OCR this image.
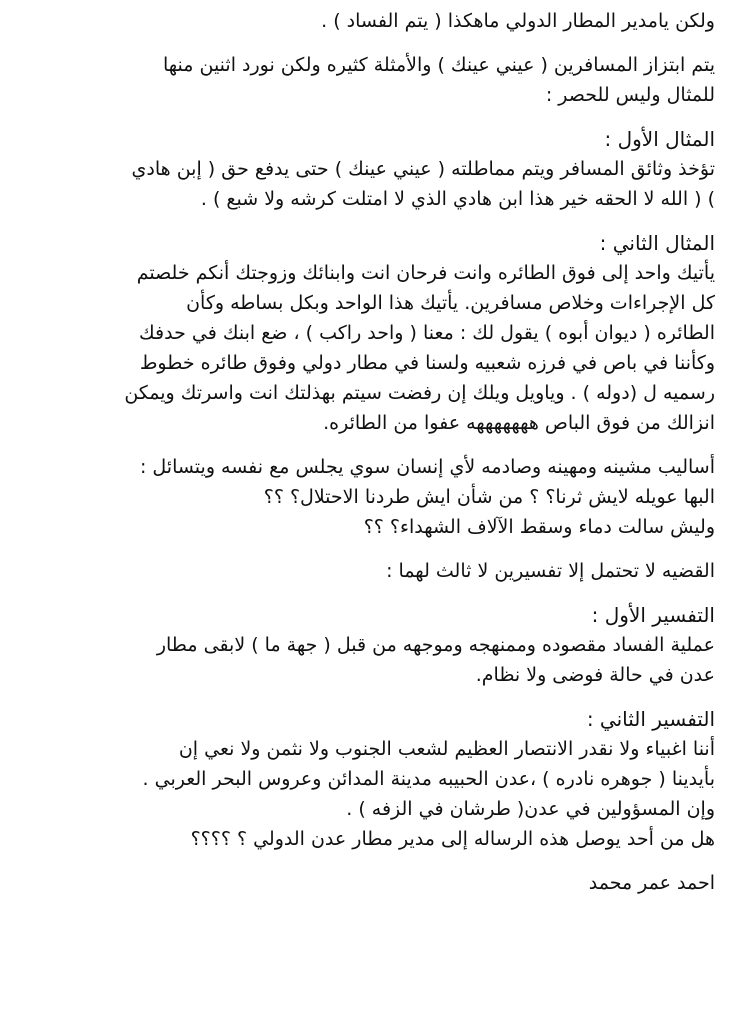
ولكن يامدير المطار الدولي ماهكذا ( يتم الفساد ) .
يتم ابتزاز المسافرين ( عيني عينك ) والأمثلة كثيره ولكن نورد اثنين منها
للمثال وليس للحصر :
المثال الأول :
تؤخذ وثائق المسافر ويتم مماطلته ( عيني عينك ) حتى يدفع حق ( إبن هادي
) ( الله لا الحقه خير هذا ابن هادي الذي لا امتلت كرشه ولا شبع ) .
المثال الثاني :
يأتيك واحد إلى فوق الطائره وانت فرحان انت وابنائك وزوجتك أنكم خلصتم
كل الإجراءات وخلاص مسافرين. يأتيك هذا الواحد وبكل بساطه وكأن
الطائره ( ديوان أبوه ) يقول لك : معنا ( واحد راكب ) ، ضع ابنك في حدفك
وكأننا في باص في فرزه شعبيه ولسنا في مطار دولي وفوق طائره خطوط
رسميه ل (دوله ) . وياويل ويلك إن رفضت سيتم بهذلتك انت واسرتك ويمكن
انزالك من فوق الباص هههههههه عفوا من الطائره.
أساليب مشينه ومهينه وصادمه لأي إنسان سوي يجلس مع نفسه ويتسائل :
البها عويله لايش ثرنا؟ ؟ من شأن ايش طردنا الاحتلال؟ ؟؟
وليش سالت دماء وسقط الآلاف الشهداء؟ ؟؟
القضيه لا تحتمل إلا تفسيرين لا ثالث لهما :
التفسير الأول :
عملية الفساد مقصوده وممنهجه وموجهه من قبل ( جهة ما ) لابقى مطار
عدن في حالة فوضى ولا نظام.
التفسير الثاني :
أننا اغبياء ولا نقدر الانتصار العظيم لشعب الجنوب ولا نثمن ولا نعي إن
بأيدينا ( جوهره نادره ) ،عدن الحبيبه مدينة المدائن وعروس البحر العربي .
وإن المسؤولين في عدن( طرشان في الزفه ) .
هل من أحد يوصل هذه الرساله إلى مدير مطار عدن الدولي ؟ ؟؟؟؟
احمد عمر محمد
